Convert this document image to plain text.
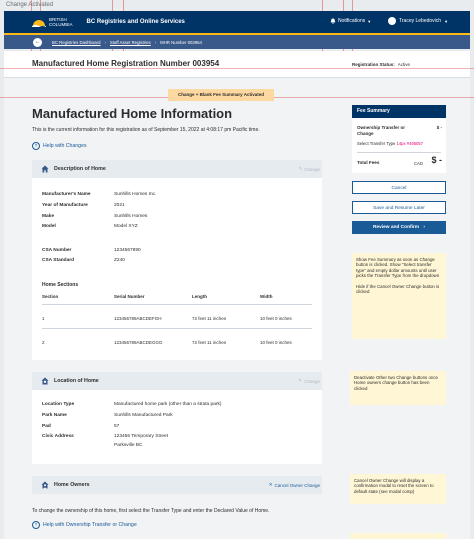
Change Activated
BRITISH
COLUMBIA BC Registries and Online Services	Notifications ▼	Tracey Lebedovich ▼
←	BC Registries Dashboard › Staff Asset Registries › MHR Number 003954
Manufactured Home Registration Number 003954	Registration Status: Active
Change + Blank Fee Summary Activated
Manufactured Home Information
This is the current information for this registration as of September 15, 2022 at 4:08:17 pm Pacific time.
?	Help with Changes
Description of Home	✎ Change
Manufacturer's Name	Sunhills Homes Inc.
Year of Manufacture	2021
Make	Sunhills Homes
Model	Model XYZ
CSA Number	1234567890
CSA Standard	Z240
Home Sections
Section	Serial Number	Length	Width
1	123456789ABCDEFGH	72 feet 11 inches	10 feet 0 inches
2	123456789ABCDEGGG	72 feet 11 inches	10 feet 0 inches
Location of Home	✎ Change
Location Type	Manufactured home park (other than a strata park)
Park Name	Sunhills Manufactured Park
Pad	57
Civic Address	123456 Temporary Street
Parksville BC
Home Owners	✕ Cancel Owner Change
To change the ownership of this home, first select the Transfer Type and enter the Declared Value of Home.
?	Help with Ownership Transfer or Change
Fee Summary
Ownership Transfer or Change
$ -
Select Transfer Type 14px #495057
Total Fees	CAD $ -
Cancel
Save and Resume Later
Review and Confirm ›
Show Fee Summary as soon as Change button is clicked. Show "Select transfer type" and empty dollar amounts until user picks the Transfer Type from the dropdown
Hide if the Cancel Owner Change button is clicked
Deactivate Other two Change buttons once Home owners change button has been clicked
Cancel Owner Change will display a confirmation modal to reset the screen to default state (see modal comp)
